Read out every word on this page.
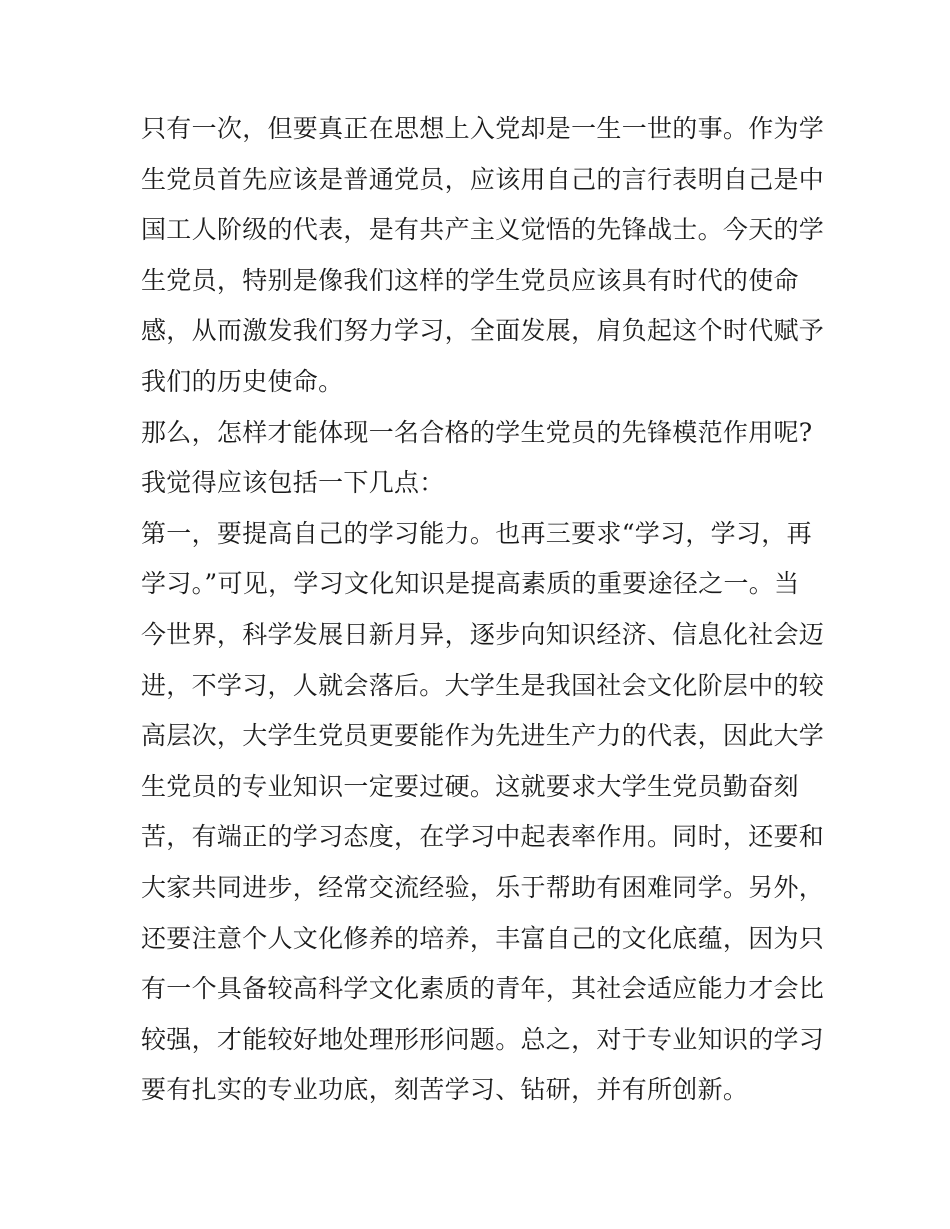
只有一次，但要真正在思想上入党却是一生一世的事。作为学
生党员首先应该是普通党员，应该用自己的言行表明自己是中
国工人阶级的代表，是有共产主义觉悟的先锋战士。今天的学
生党员，特别是像我们这样的学生党员应该具有时代的使命
感，从而激发我们努力学习，全面发展，肩负起这个时代赋予
我们的历史使命。
那么，怎样才能体现一名合格的学生党员的先锋模范作用呢?
我觉得应该包括一下几点：
第一，要提高自己的学习能力。也再三要求“学习，学习，再
学习。”可见，学习文化知识是提高素质的重要途径之一。当
今世界，科学发展日新月异，逐步向知识经济、信息化社会迈
进，不学习，人就会落后。大学生是我国社会文化阶层中的较
高层次，大学生党员更要能作为先进生产力的代表，因此大学
生党员的专业知识一定要过硬。这就要求大学生党员勤奋刻
苦，有端正的学习态度，在学习中起表率作用。同时，还要和
大家共同进步，经常交流经验，乐于帮助有困难同学。另外，
还要注意个人文化修养的培养，丰富自己的文化底蕴，因为只
有一个具备较高科学文化素质的青年，其社会适应能力才会比
较强，才能较好地处理形形问题。总之，对于专业知识的学习
要有扎实的专业功底，刻苦学习、钻研，并有所创新。
